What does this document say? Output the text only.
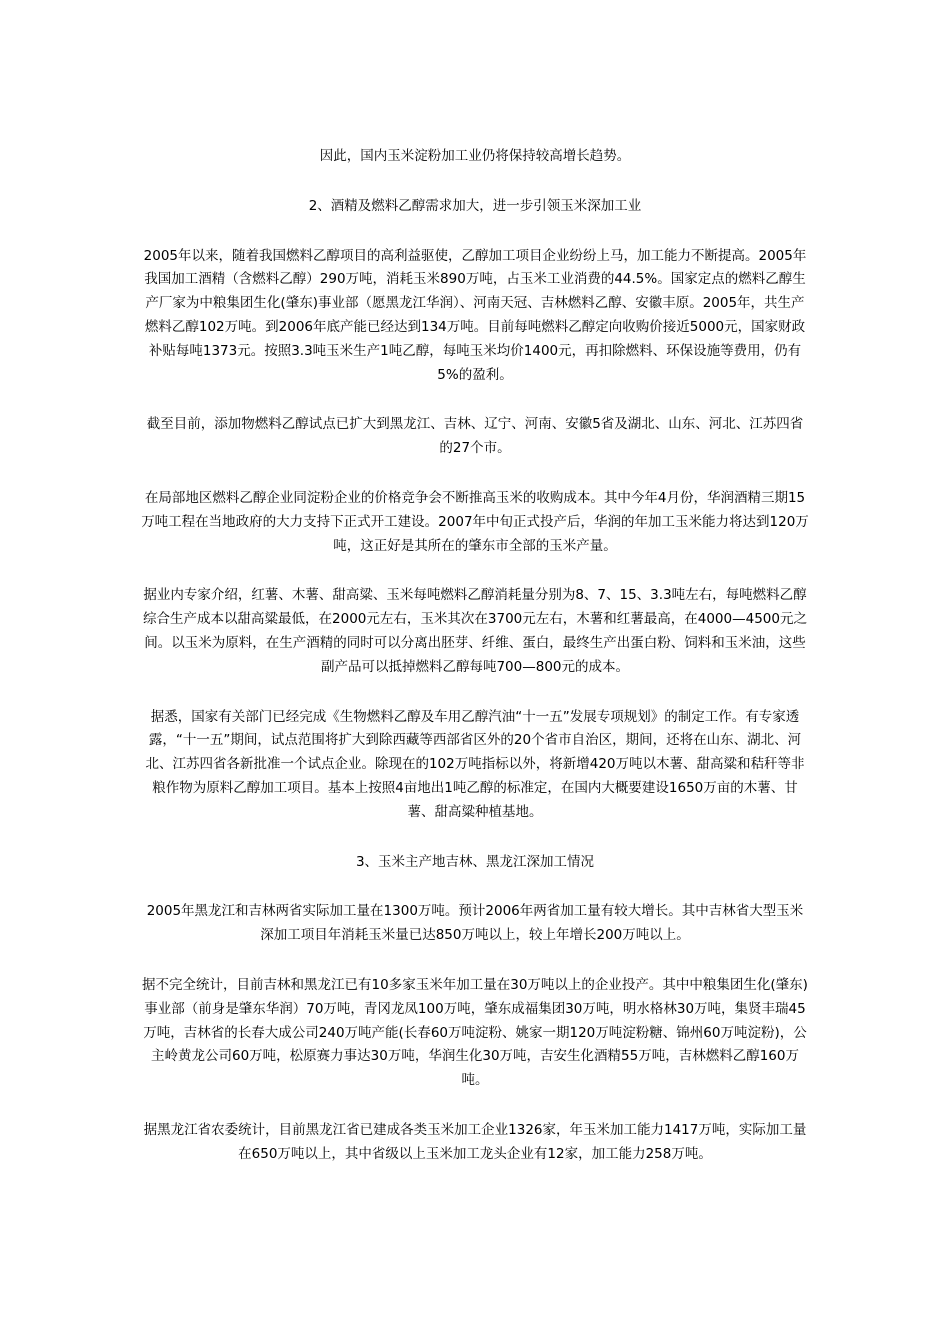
因此，国内玉米淀粉加工业仍将保持较高增长趋势。

2、酒精及燃料乙醇需求加大，进一步引领玉米深加工业

2005年以来，随着我国燃料乙醇项目的高利益驱使，乙醇加工项目企业纷纷上马，加工能力不断提高。2005年我国加工酒精（含燃料乙醇）290万吨，消耗玉米890万吨，占玉米工业消费的44.5%。国家定点的燃料乙醇生产厂家为中粮集团生化(肇东)事业部（愿黑龙江华润）、河南天冠、吉林燃料乙醇、安徽丰原。2005年，共生产燃料乙醇102万吨。到2006年底产能已经达到134万吨。目前每吨燃料乙醇定向收购价接近5000元，国家财政补贴每吨1373元。按照3.3吨玉米生产1吨乙醇，每吨玉米均价1400元，再扣除燃料、环保设施等费用，仍有5%的盈利。

截至目前，添加物燃料乙醇试点已扩大到黑龙江、吉林、辽宁、河南、安徽5省及湖北、山东、河北、江苏四省的27个市。

在局部地区燃料乙醇企业同淀粉企业的价格竞争会不断推高玉米的收购成本。其中今年4月份，华润酒精三期15万吨工程在当地政府的大力支持下正式开工建设。2007年中旬正式投产后，华润的年加工玉米能力将达到120万吨，这正好是其所在的肇东市全部的玉米产量。

据业内专家介绍，红薯、木薯、甜高粱、玉米每吨燃料乙醇消耗量分别为8、7、15、3.3吨左右，每吨燃料乙醇综合生产成本以甜高粱最低，在2000元左右，玉米其次在3700元左右，木薯和红薯最高，在4000—4500元之间。以玉米为原料，在生产酒精的同时可以分离出胚芽、纤维、蛋白，最终生产出蛋白粉、饲料和玉米油，这些副产品可以抵掉燃料乙醇每吨700—800元的成本。

据悉，国家有关部门已经完成《生物燃料乙醇及车用乙醇汽油“十一五”发展专项规划》的制定工作。有专家透露，“十一五”期间，试点范围将扩大到除西藏等西部省区外的20个省市自治区，期间，还将在山东、湖北、河北、江苏四省各新批准一个试点企业。除现在的102万吨指标以外，将新增420万吨以木薯、甜高粱和秸秆等非粮作物为原料乙醇加工项目。基本上按照4亩地出1吨乙醇的标准定，在国内大概要建设1650万亩的木薯、甘薯、甜高粱种植基地。

3、玉米主产地吉林、黑龙江深加工情况

2005年黑龙江和吉林两省实际加工量在1300万吨。预计2006年两省加工量有较大增长。其中吉林省大型玉米深加工项目年消耗玉米量已达850万吨以上，较上年增长200万吨以上。

据不完全统计，目前吉林和黑龙江已有10多家玉米年加工量在30万吨以上的企业投产。其中中粮集团生化(肇东)事业部（前身是肇东华润）70万吨，青冈龙凤100万吨，肇东成福集团30万吨，明水格林30万吨，集贤丰瑞45万吨，吉林省的长春大成公司240万吨产能(长春60万吨淀粉、姚家一期120万吨淀粉糖、锦州60万吨淀粉)，公主岭黄龙公司60万吨，松原赛力事达30万吨，华润生化30万吨，吉安生化酒精55万吨，吉林燃料乙醇160万吨。

据黑龙江省农委统计，目前黑龙江省已建成各类玉米加工企业1326家，年玉米加工能力1417万吨，实际加工量在650万吨以上，其中省级以上玉米加工龙头企业有12家，加工能力258万吨。
